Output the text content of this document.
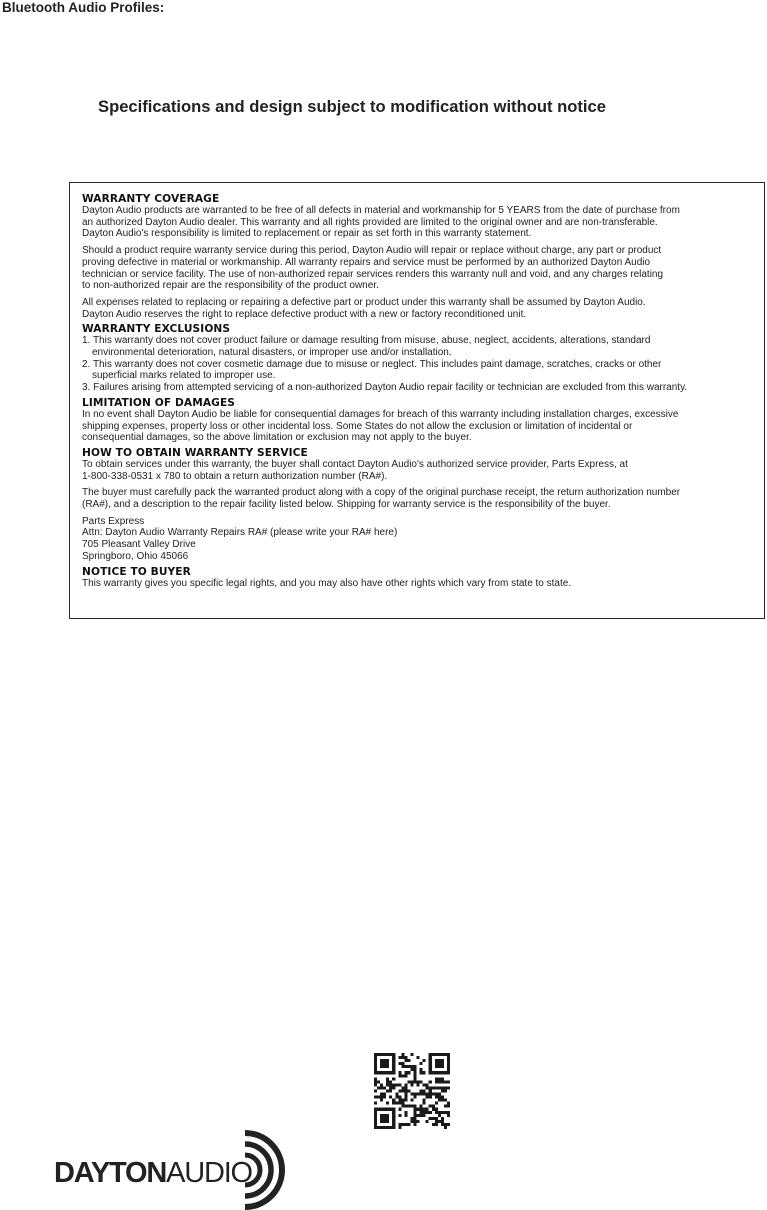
Bluetooth Audio Profiles:
Specifications and design subject to modification without notice
WARRANTY COVERAGE

Dayton Audio products are warranted to be free of all defects in material and workmanship for 5 YEARS from the date of purchase from
an authorized Dayton Audio dealer. This warranty and all rights provided are limited to the original owner and are non-transferable.
Dayton Audio's responsibility is limited to replacement or repair as set forth in this warranty statement.

Should a product require warranty service during this period, Dayton Audio will repair or replace without charge, any part or product
proving defective in material or workmanship. All warranty repairs and service must be performed by an authorized Dayton Audio
technician or service facility. The use of non-authorized repair services renders this warranty null and void, and any charges relating
to non-authorized repair are the responsibility of the product owner.

All expenses related to replacing or repairing a defective part or product under this warranty shall be assumed by Dayton Audio.
Dayton Audio reserves the right to replace defective product with a new or factory reconditioned unit.

WARRANTY EXCLUSIONS

1. This warranty does not cover product failure or damage resulting from misuse, abuse, neglect, accidents, alterations, standard
environmental deterioration, natural disasters, or improper use and/or installation.

2. This warranty does not cover cosmetic damage due to misuse or neglect. This includes paint damage, scratches, cracks or other
superficial marks related to improper use.

3. Failures arising from attempted servicing of a non-authorized Dayton Audio repair facility or technician are excluded from this warranty.

LIMITATION OF DAMAGES

In no event shall Dayton Audio be liable for consequential damages for breach of this warranty including installation charges, excessive
shipping expenses, property loss or other incidental loss. Some States do not allow the exclusion or limitation of incidental or
consequential damages, so the above limitation or exclusion may not apply to the buyer.

HOW TO OBTAIN WARRANTY SERVICE

To obtain services under this warranty, the buyer shall contact Dayton Audio's authorized service provider, Parts Express, at
1-800-338-0531 x 780 to obtain a return authorization number (RA#).

The buyer must carefully pack the warranted product along with a copy of the original purchase receipt, the return authorization number
(RA#), and a description to the repair facility listed below. Shipping for warranty service is the responsibility of the buyer.

Parts Express
Attn: Dayton Audio Warranty Repairs RA# (please write your RA# here)
705 Pleasant Valley Drive
Springboro, Ohio 45066

NOTICE TO BUYER

This warranty gives you specific legal rights, and you may also have other rights which vary from state to state.

DAYTONAUDIO
